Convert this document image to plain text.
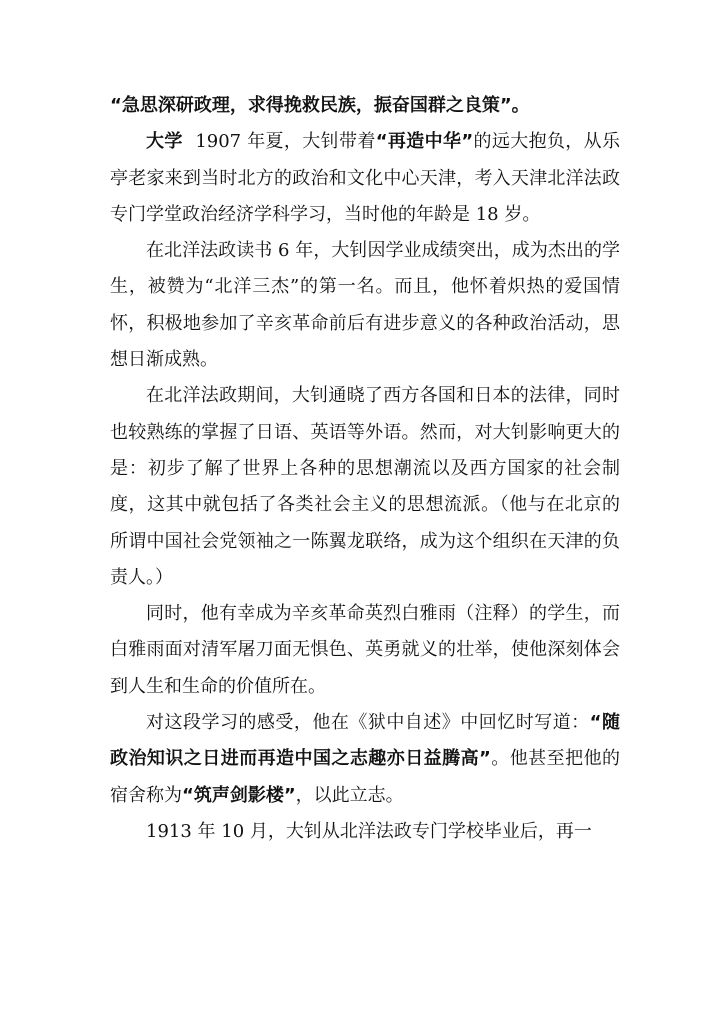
“急思深研政理，求得挽救民族，振奋国群之良策”。

大学 1907 年夏，大钊带着“再造中华”的远大抱负，从乐亭老家来到当时北方的政治和文化中心天津，考入天津北洋法政专门学堂政治经济学科学习，当时他的年龄是 18 岁。

在北洋法政读书 6 年，大钊因学业成绩突出，成为杰出的学生，被赞为“北洋三杰”的第一名。而且，他怀着炽热的爱国情怀，积极地参加了辛亥革命前后有进步意义的各种政治活动，思想日渐成熟。

在北洋法政期间，大钊通晓了西方各国和日本的法律，同时也较熟练的掌握了日语、英语等外语。然而，对大钊影响更大的是：初步了解了世界上各种的思想潮流以及西方国家的社会制度，这其中就包括了各类社会主义的思想流派。（他与在北京的所谓中国社会党领袖之一陈翼龙联络，成为这个组织在天津的负责人。）

同时，他有幸成为辛亥革命英烈白雅雨（注释）的学生，而白雅雨面对清军屠刀面无惧色、英勇就义的壮举，使他深刻体会到人生和生命的价值所在。

对这段学习的感受，他在《狱中自述》中回忆时写道：“随政治知识之日进而再造中国之志趣亦日益腾高”。他甚至把他的宿舍称为“筑声剑影楼”，以此立志。

1913 年 10 月，大钊从北洋法政专门学校毕业后，再一
